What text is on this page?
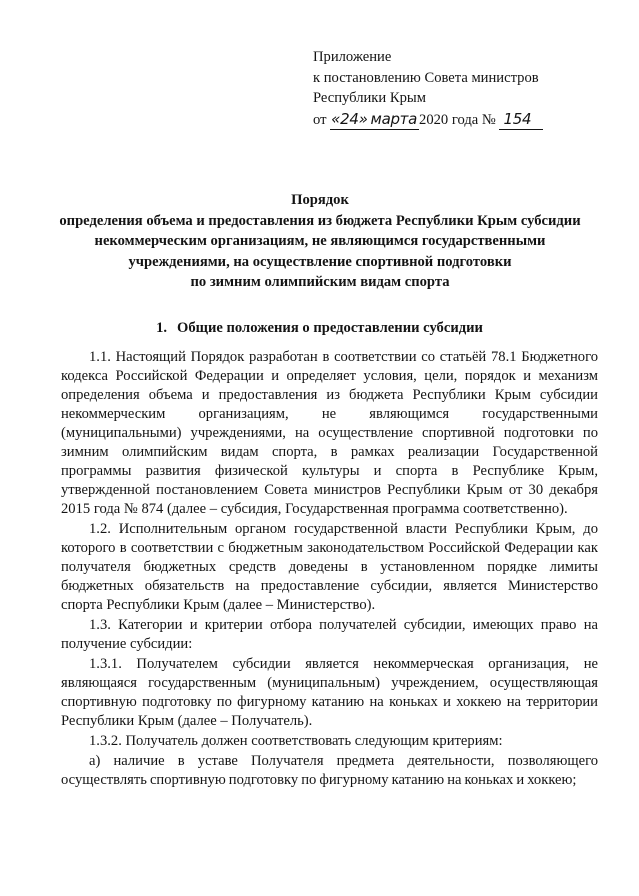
Приложение
к постановлению Совета министров
Республики Крым
от «24» марта 2020 года № 154
Порядок
определения объема и предоставления из бюджета Республики Крым субсидии
некоммерческим организациям, не являющимся государственными
учреждениями, на осуществление спортивной подготовки
по зимним олимпийским видам спорта
1. Общие положения о предоставлении субсидии

1.1. Настоящий Порядок разработан в соответствии со статьёй 78.1 Бюджетного кодекса Российской Федерации и определяет условия, цели, порядок и механизм определения объема и предоставления из бюджета Республики Крым субсидии некоммерческим организациям, не являющимся государственными (муниципальными) учреждениями, на осуществление спортивной подготовки по зимним олимпийским видам спорта, в рамках реализации Государственной программы развития физической культуры и спорта в Республике Крым, утвержденной постановлением Совета министров Республики Крым от 30 декабря 2015 года № 874 (далее – субсидия, Государственная программа соответственно).

1.2. Исполнительным органом государственной власти Республики Крым, до которого в соответствии с бюджетным законодательством Российской Федерации как получателя бюджетных средств доведены в установленном порядке лимиты бюджетных обязательств на предоставление субсидии, является Министерство спорта Республики Крым (далее – Министерство).

1.3. Категории и критерии отбора получателей субсидии, имеющих право на получение субсидии:

1.3.1. Получателем субсидии является некоммерческая организация, не являющаяся государственным (муниципальным) учреждением, осуществляющая спортивную подготовку по фигурному катанию на коньках и хоккею на территории Республики Крым (далее – Получатель).

1.3.2. Получатель должен соответствовать следующим критериям:

а) наличие в уставе Получателя предмета деятельности, позволяющего осуществлять спортивную подготовку по фигурному катанию на коньках и хоккею;
